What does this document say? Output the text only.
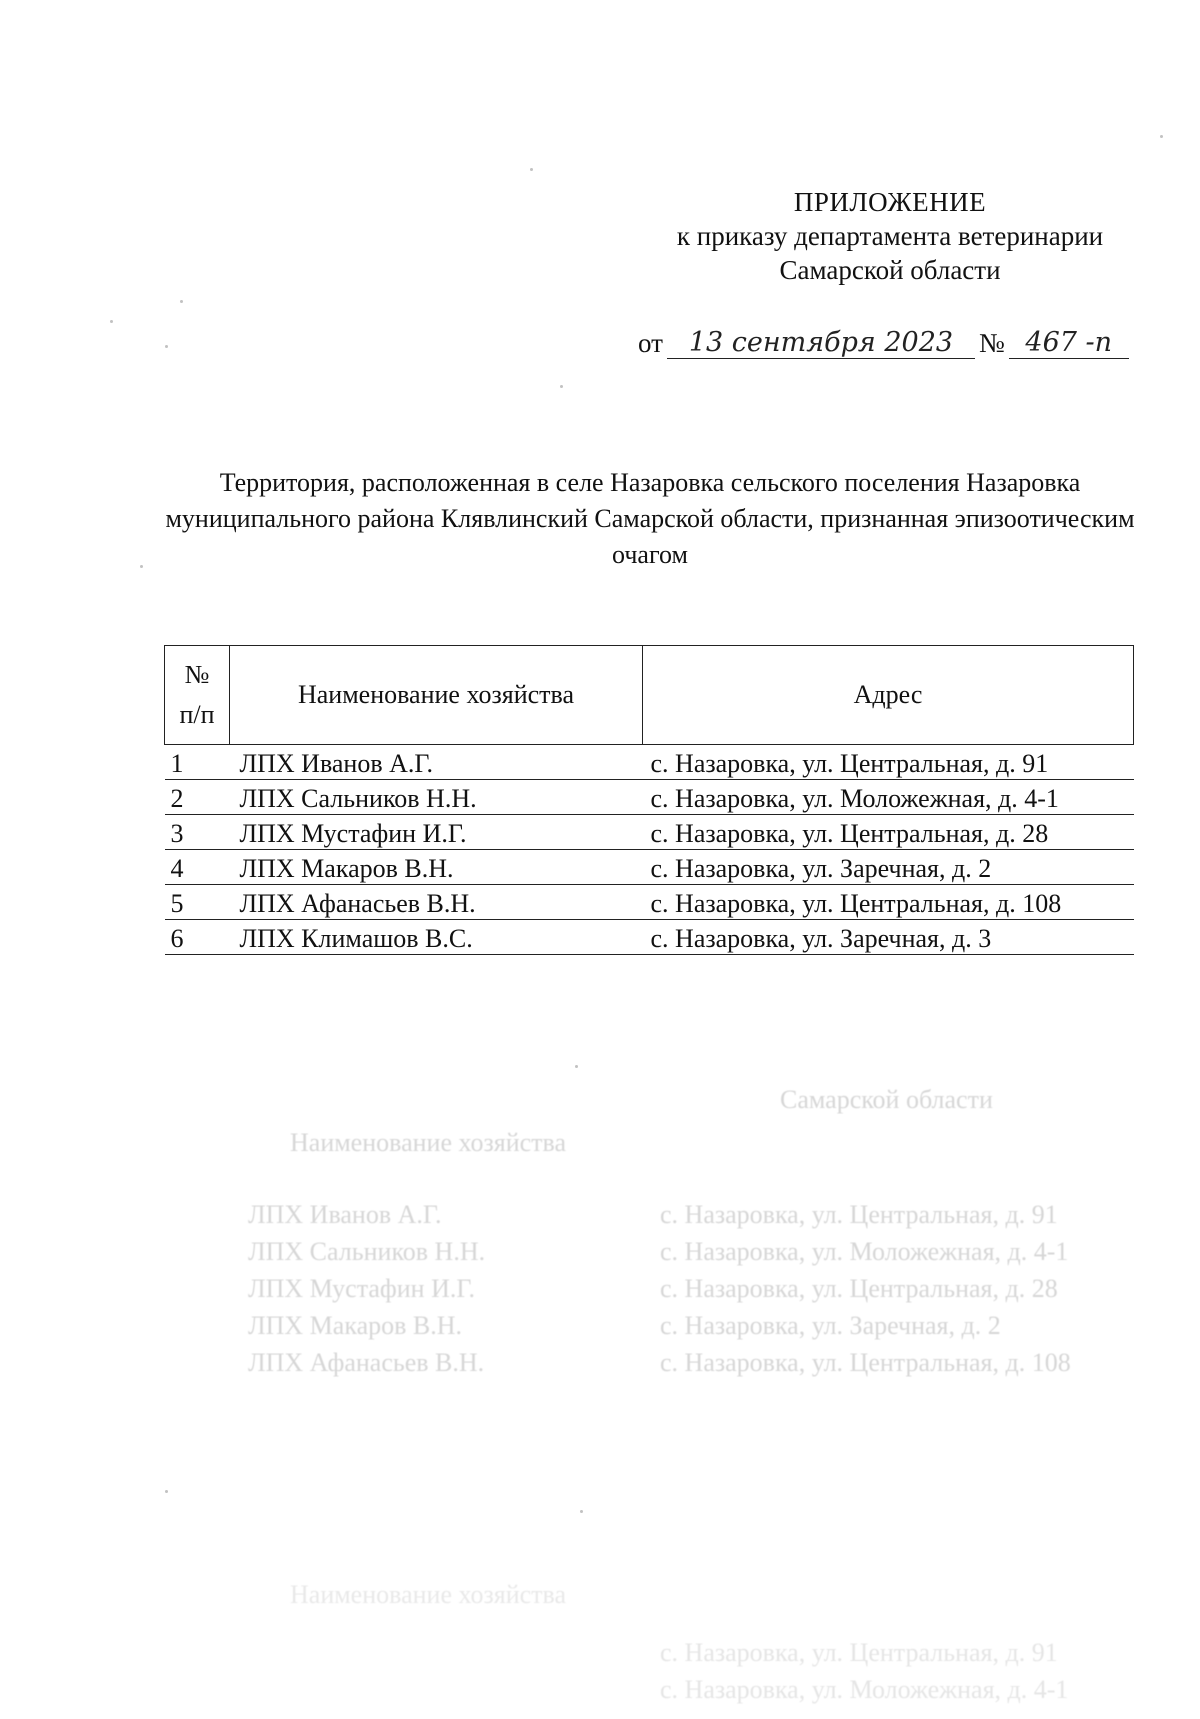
ПРИЛОЖЕНИЕ
к приказу департамента ветеринарии
Самарской области
от 13 сентября 2023 № 467 -п
Территория, расположенная в селе Назаровка сельского поселения Назаровка муниципального района Клявлинский Самарской области, признанная эпизоотическим очагом
№
п/п	Наименование хозяйства	Адрес
1	ЛПХ Иванов А.Г.	с. Назаровка, ул. Центральная, д. 91
2	ЛПХ Сальников Н.Н.	с. Назаровка, ул. Моложежная, д. 4-1
3	ЛПХ Мустафин И.Г.	с. Назаровка, ул. Центральная, д. 28
4	ЛПХ Макаров В.Н.	с. Назаровка, ул. Заречная, д. 2
5	ЛПХ Афанасьев В.Н.	с. Назаровка, ул. Центральная, д. 108
6	ЛПХ Климашов В.С.	с. Назаровка, ул. Заречная, д. 3
Самарской области
Наименование хозяйства
ЛПХ Иванов А.Г.	с. Назаровка, ул. Центральная, д. 91
ЛПХ Сальников Н.Н.	с. Назаровка, ул. Моложежная, д. 4-1
ЛПХ Мустафин И.Г.	с. Назаровка, ул. Центральная, д. 28
ЛПХ Макаров В.Н.	с. Назаровка, ул. Заречная, д. 2
ЛПХ Афанасьев В.Н.	с. Назаровка, ул. Центральная, д. 108
Наименование хозяйства
с. Назаровка, ул. Центральная, д. 91
с. Назаровка, ул. Моложежная, д. 4-1
